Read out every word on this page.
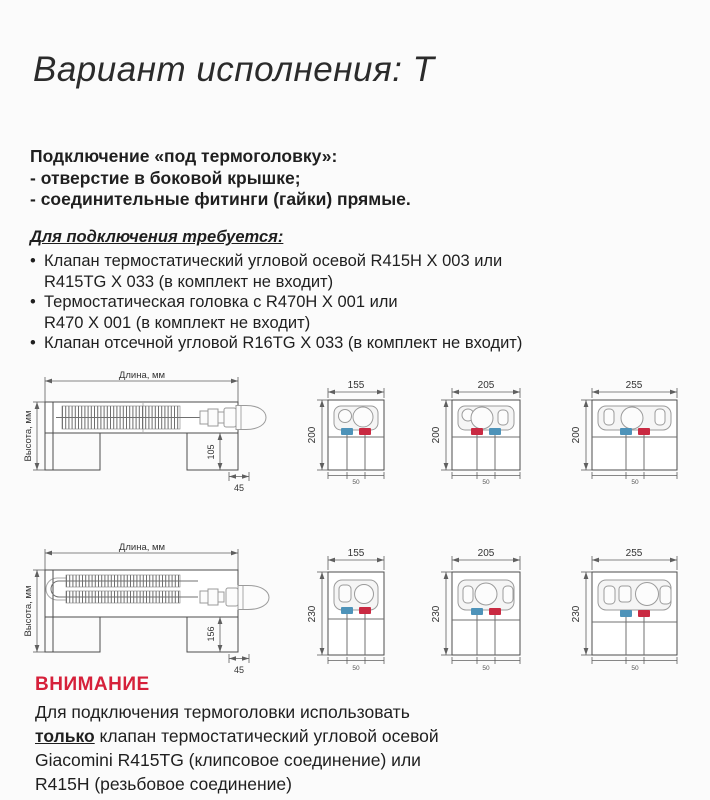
Вариант исполнения: Т
Подключение «под термоголовку»:
- отверстие в боковой крышке;
- соединительные фитинги (гайки) прямые.
Для подключения требуется:
• Клапан термостатический угловой осевой R415H X 003 или
R415TG X 033 (в комплект не входит)
• Термостатическая головка с R470H X 001 или
R470 X 001 (в комплект не входит)
• Клапан отсечной угловой R16TG X 033 (в комплект не входит)
Длина, мм
Высота, мм	105
45
155
200
50
205
200
50
255
200
50
Длина, мм
Высота, мм	156
45
155
230
50
205
230
50
255
230
50
ВНИМАНИЕ
Для подключения термоголовки использовать
только клапан термостатический угловой осевой
Giacomini R415TG (клипсовое соединение) или
R415H (резьбовое соединение)
